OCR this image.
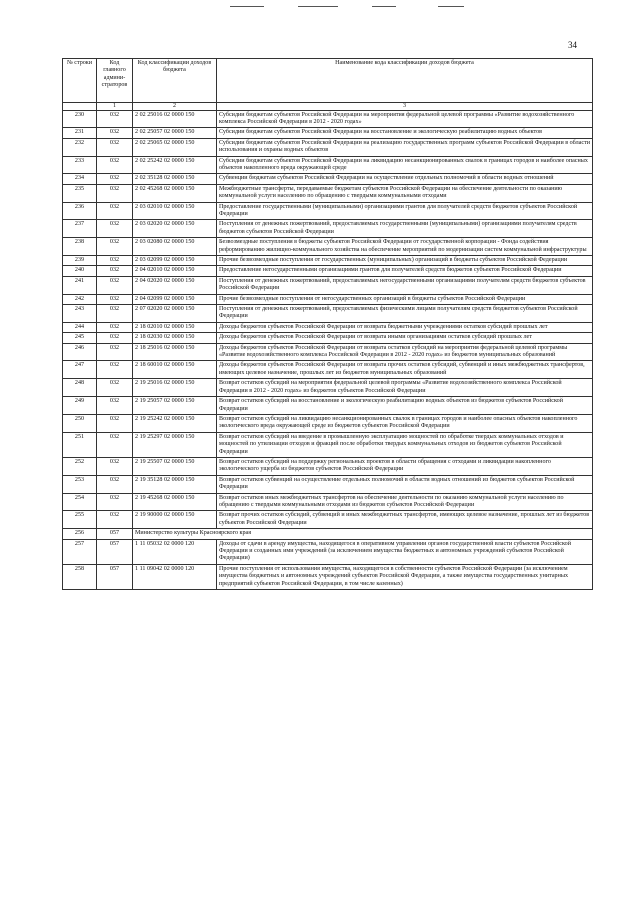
34
№ строки	Код главного админи-страторов	Код классификации доходов бюджета	Наименование кода классификации доходов бюджета
	1	2	3
230	032	2 02 25016 02 0000 150	Субсидии бюджетам субъектов Российской Федерации на мероприятия федеральной целевой программы «Развитие водохозяйственного комплекса Российской Федерации в 2012 - 2020 годах»
231	032	2 02 25057 02 0000 150	Субсидии бюджетам субъектов Российской Федерации на восстановление и экологическую реабилитацию водных объектов
232	032	2 02 25065 02 0000 150	Субсидии бюджетам субъектов Российской Федерации на реализацию государственных программ субъектов Российской Федерации в области использования и охраны водных объектов
233	032	2 02 25242 02 0000 150	Субсидии бюджетам субъектов Российской Федерации на ликвидацию несанкционированных свалок в границах городов и наиболее опасных объектов накопленного вреда окружающей среде
234	032	2 02 35128 02 0000 150	Субвенции бюджетам субъектов Российской Федерации на осуществление отдельных полномочий в области водных отношений
235	032	2 02 45268 02 0000 150	Межбюджетные трансферты, передаваемые бюджетам субъектов Российской Федерации на обеспечение деятельности по оказанию коммунальной услуги населению по обращению с твердыми коммунальными отходами
236	032	2 03 02010 02 0000 150	Предоставление государственными (муниципальными) организациями грантов для получателей средств бюджетов субъектов Российской Федерации
237	032	2 03 02020 02 0000 150	Поступления от денежных пожертвований, предоставляемых государственными (муниципальными) организациями получателям средств бюджетов субъектов Российской Федерации
238	032	2 03 02080 02 0000 150	Безвозмездные поступления в бюджеты субъектов Российской Федерации от государственной корпорации - Фонда содействия реформированию жилищно-коммунального хозяйства на обеспечение мероприятий по модернизации систем коммунальной инфраструктуры
239	032	2 03 02099 02 0000 150	Прочие безвозмездные поступления от государственных (муниципальных) организаций в бюджеты субъектов Российской Федерации
240	032	2 04 02010 02 0000 150	Предоставление негосударственными организациями грантов для получателей средств бюджетов субъектов Российской Федерации
241	032	2 04 02020 02 0000 150	Поступления от денежных пожертвований, предоставляемых негосударственными организациями получателям средств бюджетов субъектов Российской Федерации
242	032	2 04 02099 02 0000 150	Прочие безвозмездные поступления от негосударственных организаций в бюджеты субъектов Российской Федерации
243	032	2 07 02020 02 0000 150	Поступления от денежных пожертвований, предоставляемых физическими лицами получателям средств бюджетов субъектов Российской Федерации
244	032	2 18 02010 02 0000 150	Доходы бюджетов субъектов Российской Федерации от возврата бюджетными учреждениями остатков субсидий прошлых лет
245	032	2 18 02030 02 0000 150	Доходы бюджетов субъектов Российской Федерации от возврата иными организациями остатков субсидий прошлых лет
246	032	2 18 25016 02 0000 150	Доходы бюджетов субъектов Российской Федерации от возврата остатков субсидий на мероприятия федеральной целевой программы «Развитие водохозяйственного комплекса Российской Федерации в 2012 - 2020 годах» из бюджетов муниципальных образований
247	032	2 18 60010 02 0000 150	Доходы бюджетов субъектов Российской Федерации от возврата прочих остатков субсидий, субвенций и иных межбюджетных трансфертов, имеющих целевое назначение, прошлых лет из бюджетов муниципальных образований
248	032	2 19 25016 02 0000 150	Возврат остатков субсидий на мероприятия федеральной целевой программы «Развитие водохозяйственного комплекса Российской Федерации в 2012 - 2020 годах» из бюджетов субъектов Российской Федерации
249	032	2 19 25057 02 0000 150	Возврат остатков субсидий на восстановление и экологическую реабилитацию водных объектов из бюджетов субъектов Российской Федерации
250	032	2 19 25242 02 0000 150	Возврат остатков субсидий на ликвидацию несанкционированных свалок в границах городов и наиболее опасных объектов накопленного экологического вреда окружающей среде из бюджетов субъектов Российской Федерации
251	032	2 19 25297 02 0000 150	Возврат остатков субсидий на введение в промышленную эксплуатацию мощностей по обработке твердых коммунальных отходов и мощностей по утилизации отходов и фракций после обработки твердых коммунальных отходов из бюджетов субъектов Российской Федерации
252	032	2 19 25507 02 0000 150	Возврат остатков субсидий на поддержку региональных проектов в области обращения с отходами и ликвидации накопленного экологического ущерба из бюджетов субъектов Российской Федерации
253	032	2 19 35128 02 0000 150	Возврат остатков субвенций на осуществление отдельных полномочий в области водных отношений из бюджетов субъектов Российской Федерации
254	032	2 19 45268 02 0000 150	Возврат остатков иных межбюджетных трансфертов на обеспечение деятельности по оказанию коммунальной услуги населению по обращению с твердыми коммунальными отходами из бюджетов субъектов Российской Федерации
255	032	2 19 90000 02 0000 150	Возврат прочих остатков субсидий, субвенций и иных межбюджетных трансфертов, имеющих целевое назначение, прошлых лет из бюджетов субъектов Российской Федерации
256	057	Министерство культуры Красноярского края	
257	057	1 11 05032 02 0000 120	Доходы от сдачи в аренду имущества, находящегося в оперативном управлении органов государственной власти субъектов Российской Федерации и созданных ими учреждений (за исключением имущества бюджетных и автономных учреждений субъектов Российской Федерации)
258	057	1 11 09042 02 0000 120	Прочие поступления от использования имущества, находящегося в собственности субъектов Российской Федерации (за исключением имущества бюджетных и автономных учреждений субъектов Российской Федерации, а также имущества государственных унитарных предприятий субъектов Российской Федерации, в том числе казенных)
